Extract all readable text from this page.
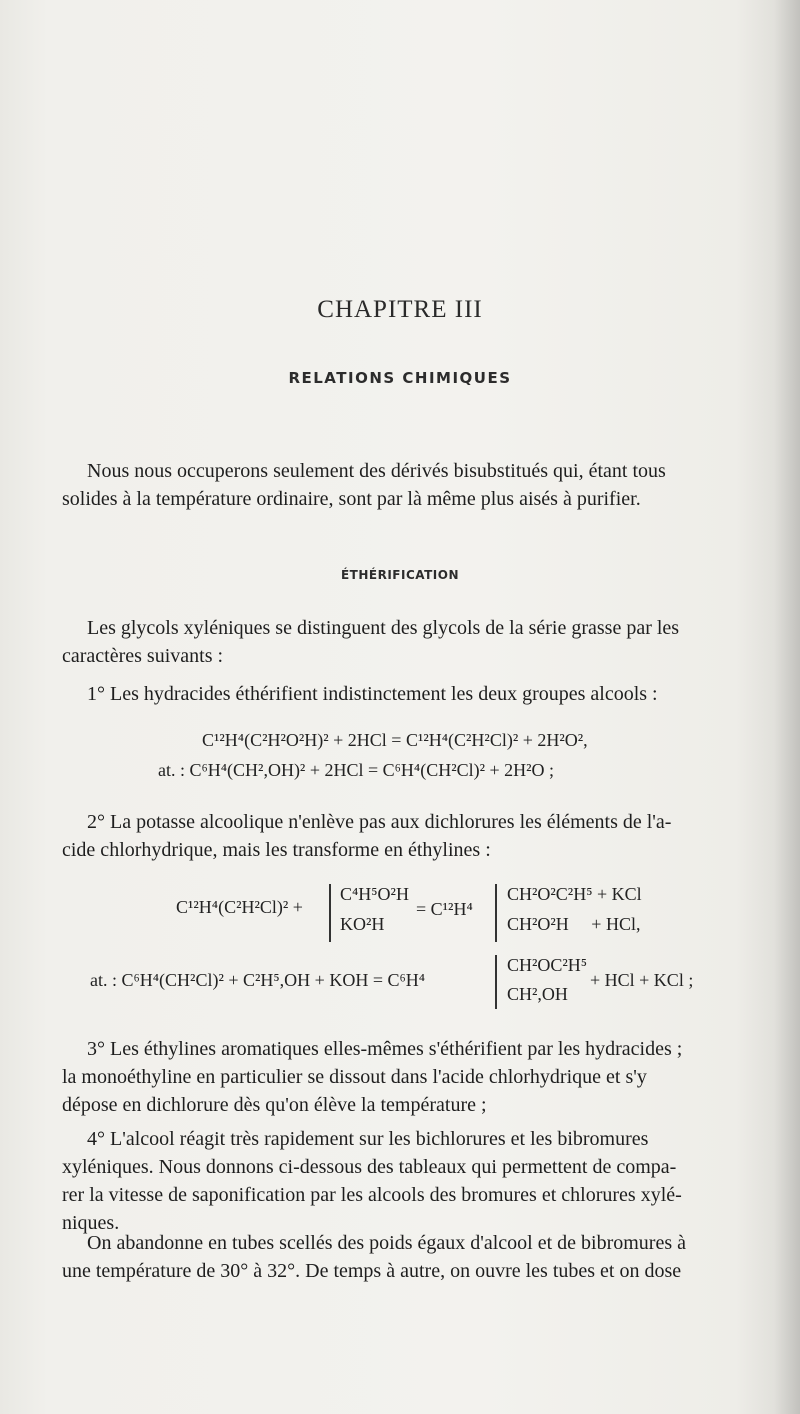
CHAPITRE III
RELATIONS CHIMIQUES
Nous nous occuperons seulement des dérivés bisubstitués qui, étant tous
solides à la température ordinaire, sont par là même plus aisés à purifier.
ÉTHÉRIFICATION
Les glycols xyléniques se distinguent des glycols de la série grasse par les
caractères suivants :
1° Les hydracides éthérifient indistinctement les deux groupes alcools :
C¹²H⁴(C²H²O²H)² + 2HCl = C¹²H⁴(C²H²Cl)² + 2H²O²,
at. : C⁶H⁴(CH²,OH)² + 2HCl = C⁶H⁴(CH²Cl)² + 2H²O ;
2° La potasse alcoolique n'enlève pas aux dichlorures les éléments de l'a-
cide chlorhydrique, mais les transforme en éthylines :
C¹²H⁴(C²H²Cl)² +
C⁴H⁵O²H
KO²H
= C¹²H⁴
CH²O²C²H⁵ + KCl
CH²O²H     + HCl,
at. : C⁶H⁴(CH²Cl)² + C²H⁵,OH + KOH = C⁶H⁴
CH²OC²H⁵
CH²,OH
+ HCl + KCl ;
3° Les éthylines aromatiques elles-mêmes s'éthérifient par les hydracides ;
la monoéthyline en particulier se dissout dans l'acide chlorhydrique et s'y
dépose en dichlorure dès qu'on élève la température ;
4° L'alcool réagit très rapidement sur les bichlorures et les bibromures
xyléniques. Nous donnons ci-dessous des tableaux qui permettent de compa-
rer la vitesse de saponification par les alcools des bromures et chlorures xylé-
niques.
On abandonne en tubes scellés des poids égaux d'alcool et de bibromures à
une température de 30° à 32°. De temps à autre, on ouvre les tubes et on dose
